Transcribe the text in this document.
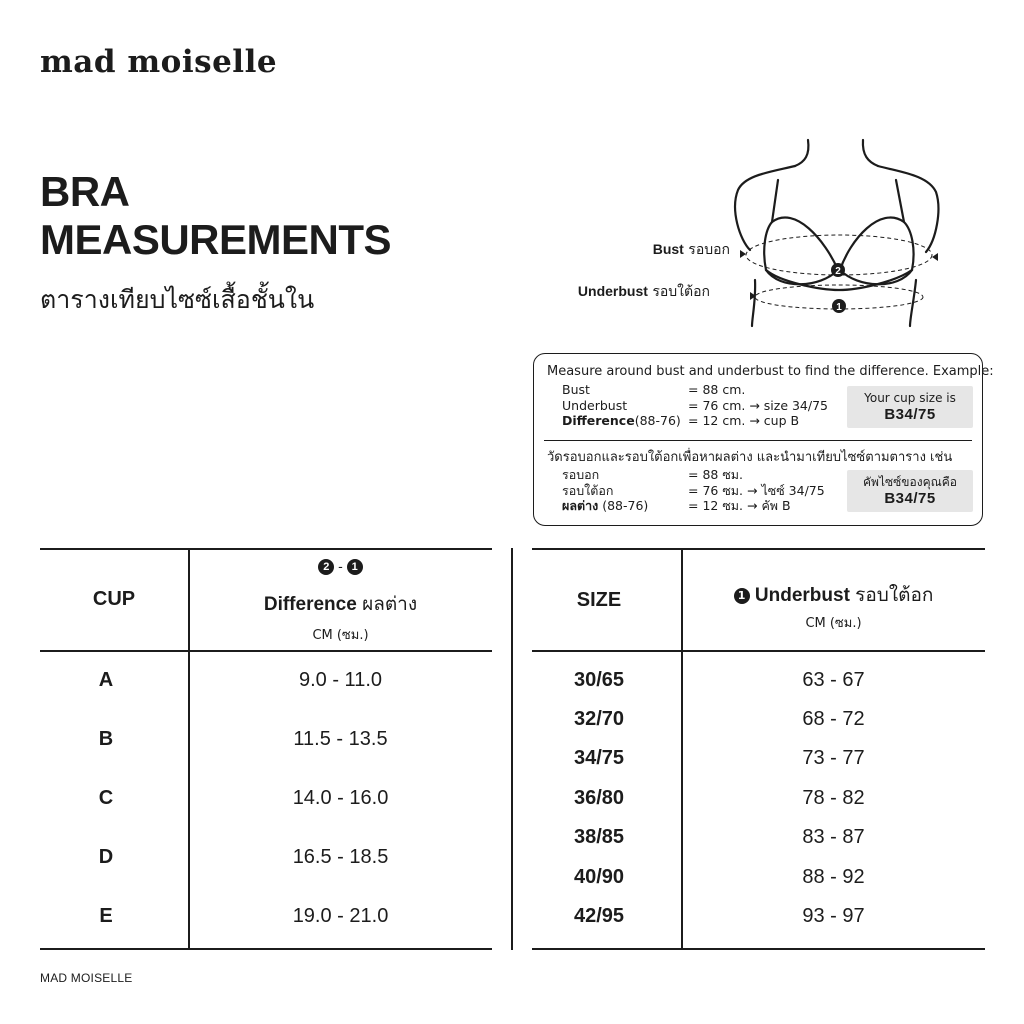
mad moiselle
BRA
MEASUREMENTS
ตารางเทียบไซซ์เสื้อชั้นใน
2
1
Bust รอบอก
Underbust รอบใต้อก
Measure around bust and underbust to find the difference. Example:
Bust	= 88 cm.
Underbust	= 76 cm. → size 34/75
Difference(88-76) = 12 cm. → cup B
Your cup size is
B34/75
วัดรอบอกและรอบใต้อกเพื่อหาผลต่าง และนำมาเทียบไซซ์ตามตาราง เช่น
รอบอก	= 88 ซม.
รอบใต้อก	= 76 ซม. → ไซซ์ 34/75
ผลต่าง (88-76)	= 12 ซม. → คัพ B
คัพไซซ์ของคุณคือ
B34/75
CUP
2 - 1
Difference ผลต่าง
CM (ซม.)
A	9.0 - 11.0
B	11.5 - 13.5
C	14.0 - 16.0
D	16.5 - 18.5
E	19.0 - 21.0
SIZE	1 Underbust รอบใต้อก
CM (ซม.)
30/65	63 - 67
32/70	68 - 72
34/75	73 - 77
36/80	78 - 82
38/85	83 - 87
40/90	88 - 92
42/95	93 - 97
MAD MOISELLE
